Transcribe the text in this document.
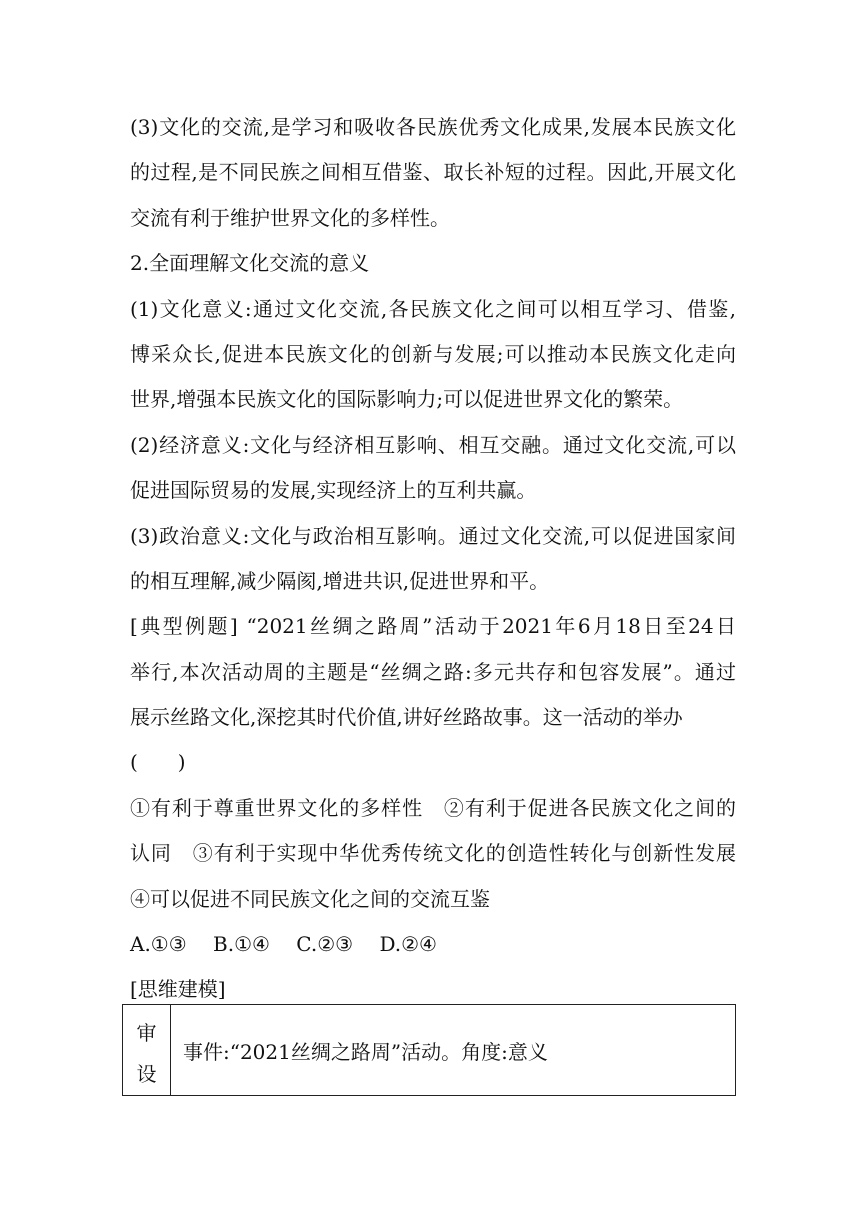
(3)文化的交流,是学习和吸收各民族优秀文化成果,发展本民族文化
的过程,是不同民族之间相互借鉴、取长补短的过程。因此,开展文化
交流有利于维护世界文化的多样性。
2.全面理解文化交流的意义
(1)文化意义:通过文化交流,各民族文化之间可以相互学习、借鉴,
博采众长,促进本民族文化的创新与发展;可以推动本民族文化走向
世界,增强本民族文化的国际影响力;可以促进世界文化的繁荣。
(2)经济意义:文化与经济相互影响、相互交融。通过文化交流,可以
促进国际贸易的发展,实现经济上的互利共赢。
(3)政治意义:文化与政治相互影响。通过文化交流,可以促进国家间
的相互理解,减少隔阂,增进共识,促进世界和平。
[典型例题] “2021丝绸之路周”活动于2021年6月18日至24日
举行,本次活动周的主题是“丝绸之路:多元共存和包容发展”。通过
展示丝路文化,深挖其时代价值,讲好丝路故事。这一活动的举办
(　　)
①有利于尊重世界文化的多样性　②有利于促进各民族文化之间的
认同　③有利于实现中华优秀传统文化的创造性转化与创新性发展
④可以促进不同民族文化之间的交流互鉴
A.①③　 B.①④　 C.②③　 D.②④
[思维建模]
审
设
事件:“2021丝绸之路周”活动。角度:意义
